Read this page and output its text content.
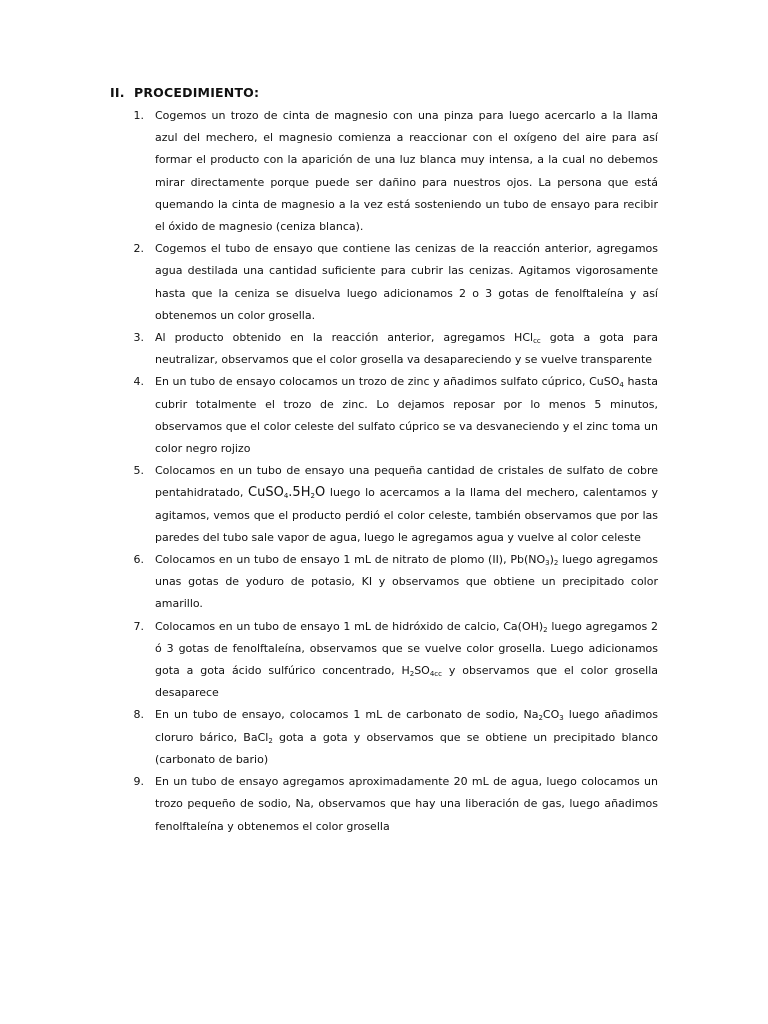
II. PROCEDIMIENTO:
1. Cogemos un trozo de cinta de magnesio con una pinza para luego acercarlo a la llama azul del mechero, el magnesio comienza a reaccionar con el oxígeno del aire para así formar el producto con la aparición de una luz blanca muy intensa, a la cual no debemos mirar directamente porque puede ser dañino para nuestros ojos. La persona que está quemando la cinta de magnesio a la vez está sosteniendo un tubo de ensayo para recibir el óxido de magnesio (ceniza blanca).
2. Cogemos el tubo de ensayo que contiene las cenizas de la reacción anterior, agregamos agua destilada una cantidad suficiente para cubrir las cenizas. Agitamos vigorosamente hasta que la ceniza se disuelva luego adicionamos 2 o 3 gotas de fenolftaleína y así obtenemos un color grosella.
3. Al producto obtenido en la reacción anterior, agregamos HCl$_{cc}$ gota a gota para neutralizar, observamos que el color grosella va desapareciendo y se vuelve transparente
4. En un tubo de ensayo colocamos un trozo de zinc y añadimos sulfato cúprico, CuSO$_4$ hasta cubrir totalmente el trozo de zinc. Lo dejamos reposar por lo menos 5 minutos, observamos que el color celeste del sulfato cúprico se va desvaneciendo y el zinc toma un color negro rojizo
5. Colocamos en un tubo de ensayo una pequeña cantidad de cristales de sulfato de cobre pentahidratado, $CuSO_4.5H_2O$ luego lo acercamos a la llama del mechero, calentamos y agitamos, vemos que el producto perdió el color celeste, también observamos que por las paredes del tubo sale vapor de agua, luego le agregamos agua y vuelve al color celeste
6. Colocamos en un tubo de ensayo 1 mL de nitrato de plomo (II), $Pb(NO_3)_2$ luego agregamos unas gotas de yoduro de potasio, KI y observamos que obtiene un precipitado color amarillo.
7. Colocamos en un tubo de ensayo 1 mL de hidróxido de calcio, $Ca(OH)_2$ luego agregamos 2 ó 3 gotas de fenolftaleína, observamos que se vuelve color grosella. Luego adicionamos gota a gota ácido sulfúrico concentrado, $H_2SO_{4cc}$ y observamos que el color grosella desaparece
8. En un tubo de ensayo, colocamos 1 mL de carbonato de sodio, $Na_2CO_3$ luego añadimos cloruro bárico, BaCl$_2$ gota a gota y observamos que se obtiene un precipitado blanco (carbonato de bario)
9. En un tubo de ensayo agregamos aproximadamente 20 mL de agua, luego colocamos un trozo pequeño de sodio, Na, observamos que hay una liberación de gas, luego añadimos fenolftaleína y obtenemos el color grosella
